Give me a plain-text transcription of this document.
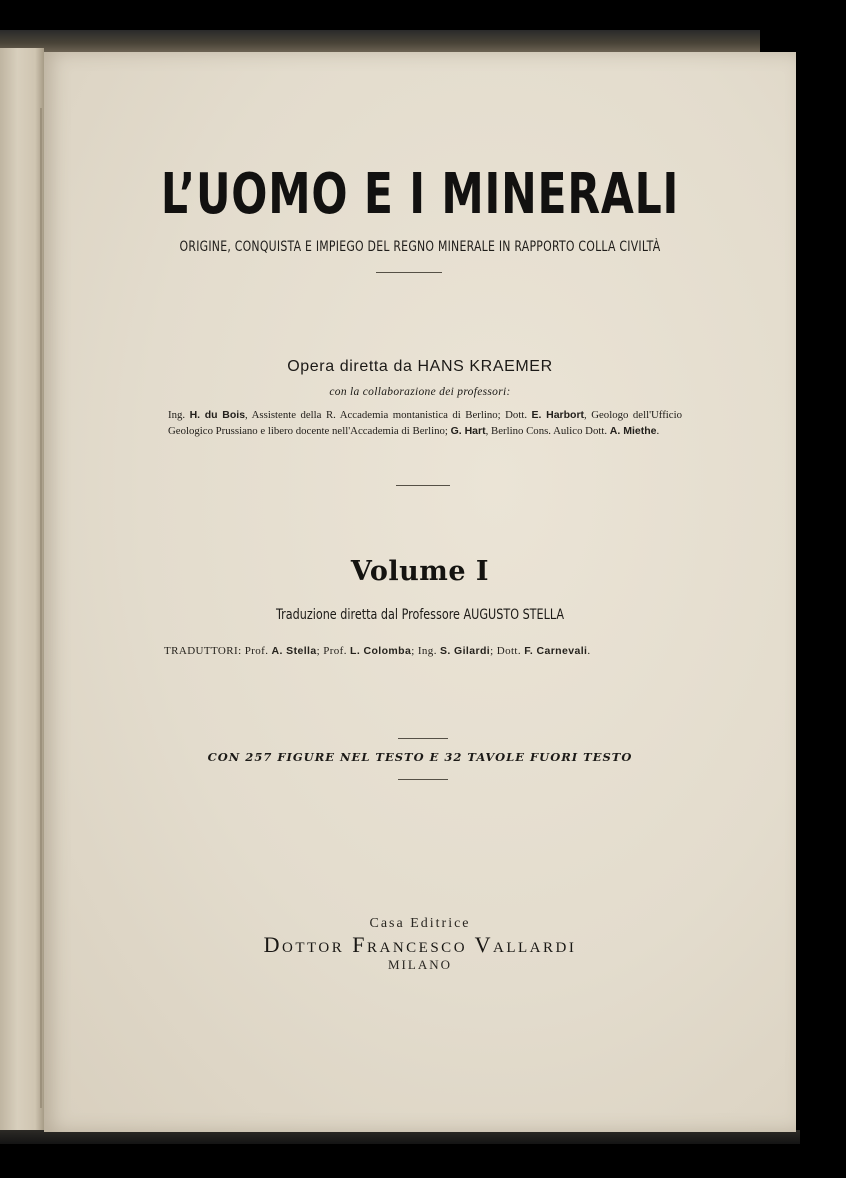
L’UOMO E I MINERALI
ORIGINE, CONQUISTA E IMPIEGO DEL REGNO MINERALE IN RAPPORTO COLLA CIVILTÀ
Opera diretta da HANS KRAEMER
con la collaborazione dei professori:
Ing. H. du Bois, Assistente della R. Accademia montanistica di Berlino; Dott. E. Harbort, Geologo dell'Ufficio Geologico Prussiano e libero docente nell'Accademia di Berlino; G. Hart, Berlino Cons. Aulico Dott. A. Miethe.
Volume I
Traduzione diretta dal Professore AUGUSTO STELLA
TRADUTTORI: Prof. A. Stella; Prof. L. Colomba; Ing. S. Gilardi; Dott. F. Carnevali.
CON 257 FIGURE NEL TESTO E 32 TAVOLE FUORI TESTO
Casa Editrice
Dottor Francesco Vallardi
MILANO
